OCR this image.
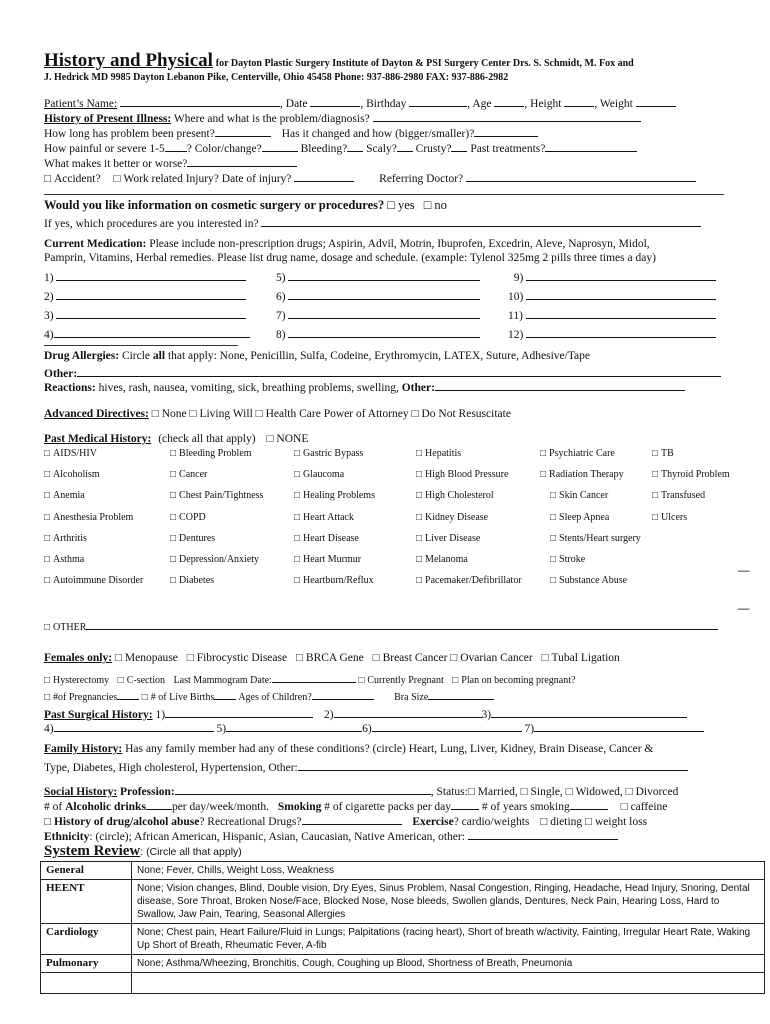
History and Physical for Dayton Plastic Surgery Institute of Dayton & PSI Surgery Center Drs. S. Schmidt, M. Fox and
J. Hedrick MD 9985 Dayton Lebanon Pike, Centerville, Ohio 45458 Phone: 937-886-2980 FAX: 937-886-2982
Patient’s Name:	, Date	, Birthday	, Age	, Height	, Weight
History of Present Illness: Where and what is the problem/diagnosis?
How long has problem been present?	Has it changed and how (bigger/smaller)?
How painful or severe 1-5 ? Color/change?	Bleeding? Scaly? Crusty? Past treatments?
What makes it better or worse?
□ Accident? □ Work related Injury? Date of injury?	Referring Doctor?
Would you like information on cosmetic surgery or procedures? □ yes □ no
If yes, which procedures are you interested in?
Current Medication: Please include non-prescription drugs; Aspirin, Advil, Motrin, Ibuprofen, Excedrin, Aleve, Naprosyn, Midol,
Pamprin, Vitamins, Herbal remedies. Please list drug name, dosage and schedule. (example: Tylenol 325mg 2 pills three times a day)
1)
2)
3)
4)
5)
6)
7)
8)
9)
10)
11)
12)
Drug Allergies: Circle all that apply: None, Penicillin, Sulfa, Codeine, Erythromycin, LATEX, Suture, Adhesive/Tape
Other:
Reactions: hives, rash, nausea, vomiting, sick, breathing problems, swelling, Other:
Advanced Directives: □ None □ Living Will □ Health Care Power of Attorney □ Do Not Resuscitate
Past Medical History: (check all that apply) □ NONE
□ AIDS/HIV	□ Bleeding Problem	□ Gastric Bypass	□ Hepatitis	□ Psychiatric Care	□ TB
□ Alcoholism	□ Cancer	□ Glaucoma	□ High Blood Pressure	□ Radiation Therapy	□ Thyroid Problem
□ Anemia	□ Chest Pain/Tightness	□ Healing Problems	□ High Cholesterol	□ Skin Cancer	□ Transfused
□ Anesthesia Problem	□ COPD	□ Heart Attack	□ Kidney Disease	□ Sleep Apnea	□ Ulcers
□ Arthritis	□ Dentures	□ Heart Disease	□ Liver Disease	□ Stents/Heart surgery
□ Asthma	□ Depression/Anxiety	□ Heart Murmur	□ Melanoma	□ Stroke
□ Autoimmune Disorder	□ Diabetes	□ Heartburn/Reflux	□ Pacemaker/Defibrillator	□ Substance Abuse
—
—
□ OTHER
Females only: □ Menopause □ Fibrocystic Disease □ BRCA Gene □ Breast Cancer □ Ovarian Cancer □ Tubal Ligation
□ Hysterectomy □ C-section Last Mammogram Date:	□ Currently Pregnant □ Plan on becoming pregnant?
□ #of Pregnancies	□ # of Live Births Ages of Children?	Bra Size
Past Surgical History: 1)	2)	3)
4)	5)	6)	7)
Family History: Has any family member had any of these conditions? (circle) Heart, Lung, Liver, Kidney, Brain Disease, Cancer &
Type, Diabetes, High cholesterol, Hypertension, Other:
Social History: Profession:	, Status: □ Married, □ Single, □ Widowed, □ Divorced
# of Alcoholic drinks per day/week/month. Smoking # of cigarette packs per day	# of years smoking	□ caffeine
□ History of drug/alcohol abuse? Recreational Drugs?	Exercise? cardio/weights □ dieting □ weight loss
Ethnicity: (circle); African American, Hispanic, Asian, Caucasian, Native American, other:
System Review: (Circle all that apply)
General	None; Fever, Chills, Weight Loss, Weakness
HEENT	None; Vision changes, Blind, Double vision, Dry Eyes, Sinus Problem, Nasal Congestion, Ringing, Headache, Head Injury, Snoring, Dental disease, Sore Throat, Broken Nose/Face, Blocked Nose, Nose bleeds, Swollen glands, Dentures, Neck Pain, Hearing Loss, Hard to Swallow, Jaw Pain, Tearing, Seasonal Allergies
Cardiology	None; Chest pain, Heart Failure/Fluid in Lungs; Palpitations (racing heart), Short of breath w/activity, Fainting, Irregular Heart Rate, Waking Up Short of Breath, Rheumatic Fever, A-fib
Pulmonary	None; Asthma/Wheezing, Bronchitis, Cough, Coughing up Blood, Shortness of Breath, Pneumonia
